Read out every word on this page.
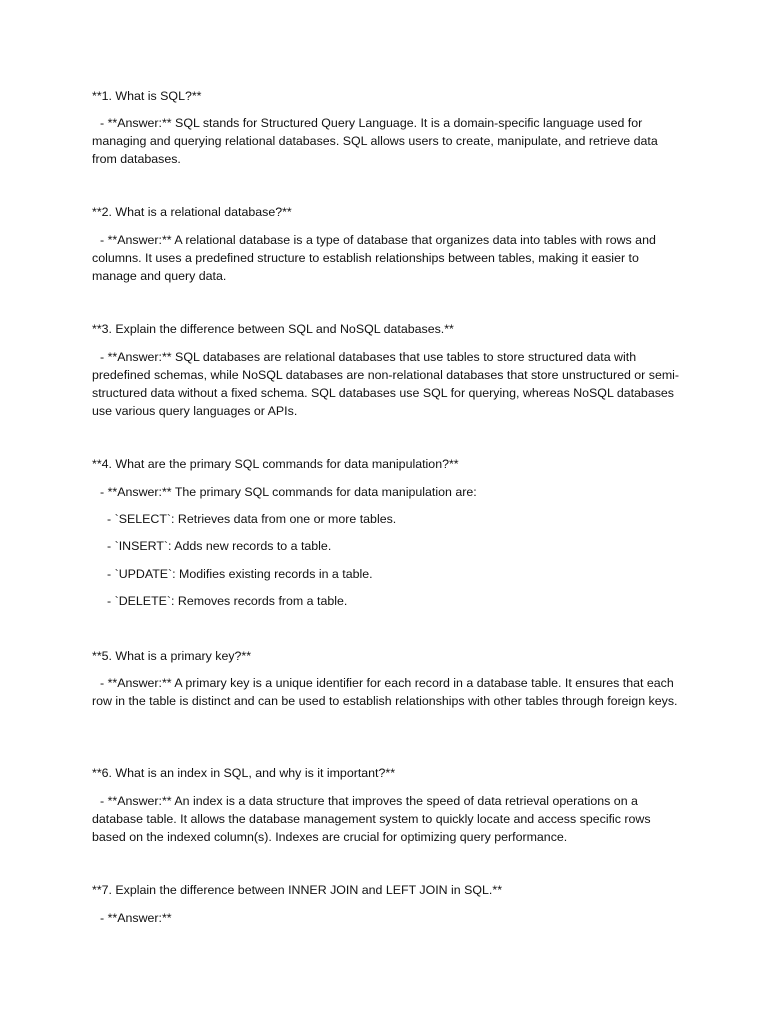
**1. What is SQL?**

- **Answer:** SQL stands for Structured Query Language. It is a domain-specific language used for managing and querying relational databases. SQL allows users to create, manipulate, and retrieve data from databases.

**2. What is a relational database?**

- **Answer:** A relational database is a type of database that organizes data into tables with rows and columns. It uses a predefined structure to establish relationships between tables, making it easier to manage and query data.

**3. Explain the difference between SQL and NoSQL databases.**

- **Answer:** SQL databases are relational databases that use tables to store structured data with predefined schemas, while NoSQL databases are non-relational databases that store unstructured or semi-structured data without a fixed schema. SQL databases use SQL for querying, whereas NoSQL databases use various query languages or APIs.

**4. What are the primary SQL commands for data manipulation?**

- **Answer:** The primary SQL commands for data manipulation are:

- `SELECT`: Retrieves data from one or more tables.

- `INSERT`: Adds new records to a table.

- `UPDATE`: Modifies existing records in a table.

- `DELETE`: Removes records from a table.

**5. What is a primary key?**

- **Answer:** A primary key is a unique identifier for each record in a database table. It ensures that each row in the table is distinct and can be used to establish relationships with other tables through foreign keys.

**6. What is an index in SQL, and why is it important?**

- **Answer:** An index is a data structure that improves the speed of data retrieval operations on a database table. It allows the database management system to quickly locate and access specific rows based on the indexed column(s). Indexes are crucial for optimizing query performance.

**7. Explain the difference between INNER JOIN and LEFT JOIN in SQL.**

- **Answer:**
